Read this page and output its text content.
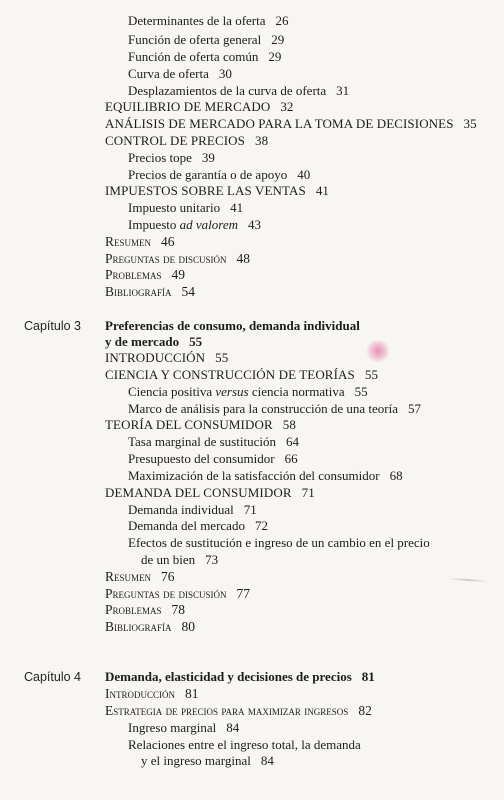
Determinantes de la oferta 26
Función de oferta general 29
Función de oferta común 29
Curva de oferta 30
Desplazamientos de la curva de oferta 31
EQUILIBRIO DE MERCADO 32
ANÁLISIS DE MERCADO PARA LA TOMA DE DECISIONES 35
CONTROL DE PRECIOS 38
Precios tope 39
Precios de garantía o de apoyo 40
IMPUESTOS SOBRE LAS VENTAS 41
Impuesto unitario 41
Impuesto ad valorem 43
Resumen 46
Preguntas de discusión 48
Problemas 49
Bibliografía 54
Capítulo 3 Preferencias de consumo, demanda individual
y de mercado 55
INTRODUCCIÓN 55
CIENCIA Y CONSTRUCCIÓN DE TEORÍAS 55
Ciencia positiva versus ciencia normativa 55
Marco de análisis para la construcción de una teoría 57
TEORÍA DEL CONSUMIDOR 58
Tasa marginal de sustitución 64
Presupuesto del consumidor 66
Maximización de la satisfacción del consumidor 68
DEMANDA DEL CONSUMIDOR 71
Demanda individual 71
Demanda del mercado 72
Efectos de sustitución e ingreso de un cambio en el precio
de un bien 73
Resumen 76
Preguntas de discusión 77
Problemas 78
Bibliografía 80
Capítulo 4 Demanda, elasticidad y decisiones de precios 81
Introducción 81
Estrategia de precios para maximizar ingresos 82
Ingreso marginal 84
Relaciones entre el ingreso total, la demanda
y el ingreso marginal 84
